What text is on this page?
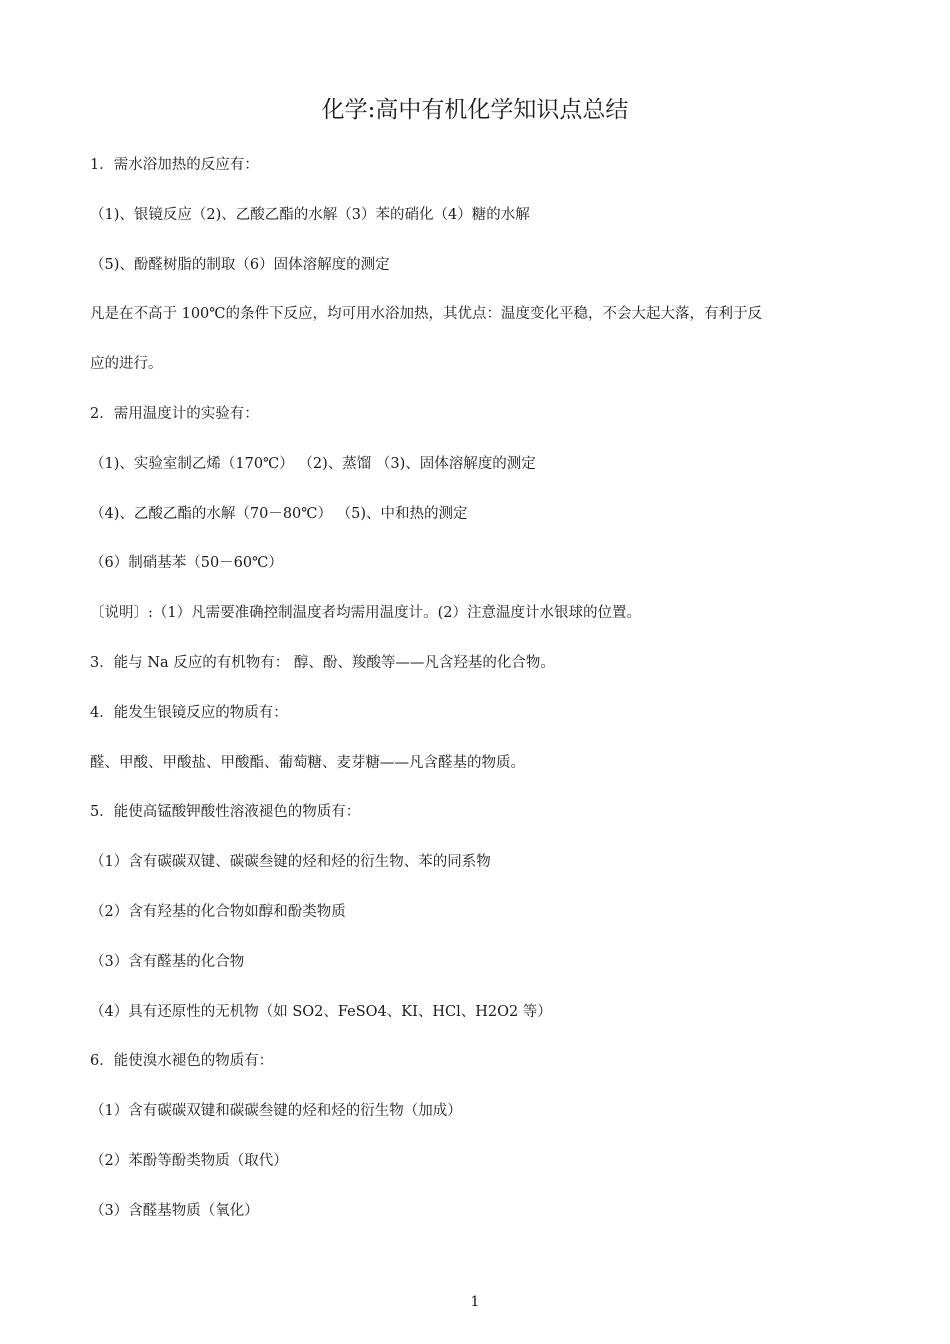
化学:高中有机化学知识点总结
1．需水浴加热的反应有：
（1)、银镜反应（2)、乙酸乙酯的水解（3）苯的硝化（4）糖的水解
（5)、酚醛树脂的制取（6）固体溶解度的测定
凡是在不高于 100℃的条件下反应，均可用水浴加热，其优点：温度变化平稳，不会大起大落，有利于反
应的进行。
2．需用温度计的实验有：
（1)、实验室制乙烯（170℃） （2)、蒸馏 （3)、固体溶解度的测定
（4)、乙酸乙酯的水解（70－80℃） （5)、中和热的测定
（6）制硝基苯（50－60℃）
〔说明〕:（1）凡需要准确控制温度者均需用温度计。(2）注意温度计水银球的位置。
3．能与 Na 反应的有机物有： 醇、酚、羧酸等——凡含羟基的化合物。
4．能发生银镜反应的物质有：
醛、甲酸、甲酸盐、甲酸酯、葡萄糖、麦芽糖——凡含醛基的物质。
5．能使高锰酸钾酸性溶液褪色的物质有：
（1）含有碳碳双键、碳碳叁键的烃和烃的衍生物、苯的同系物
（2）含有羟基的化合物如醇和酚类物质
（3）含有醛基的化合物
（4）具有还原性的无机物（如 SO2、FeSO4、KI、HCl、H2O2 等）
6．能使溴水褪色的物质有：
（1）含有碳碳双键和碳碳叁键的烃和烃的衍生物（加成）
（2）苯酚等酚类物质（取代）
（3）含醛基物质（氧化）
1
